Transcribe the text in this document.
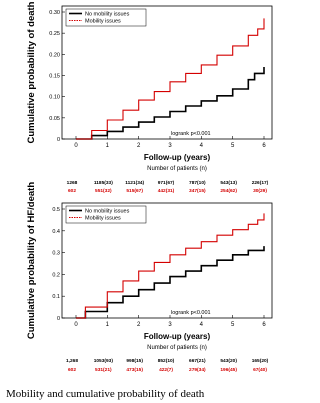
0
0.05
0.10
0.15
0.20
0.25
0.30
0	1	2	3	4	5	6
Cumulative probability of death
Follow-up (years)
No mobility issues
Mobility issues
logrank p<0.001
Number of patients (n)
1268	1185(33)	1121(34)	971(67)	787(10)	543(13)	226(17)
602	551(32)	515(67)	442(31)	347(15)	254(62)	30(29)
0
0.1
0.2
0.3
0.4
0.5
0	1	2	3	4	5	6
Cumulative probability of HF/death	Follow-up (years)
No mobility issues
Mobility issues
logrank p<0.001
Number of patients (n)
1,268	1053(93)	998(15)	852(10)	667(21)	543(20)	165(20)
602	531(21)	473(15)	422(7)	279(34)	196(45)	67(40)
Mobility and cumulative probability of death
